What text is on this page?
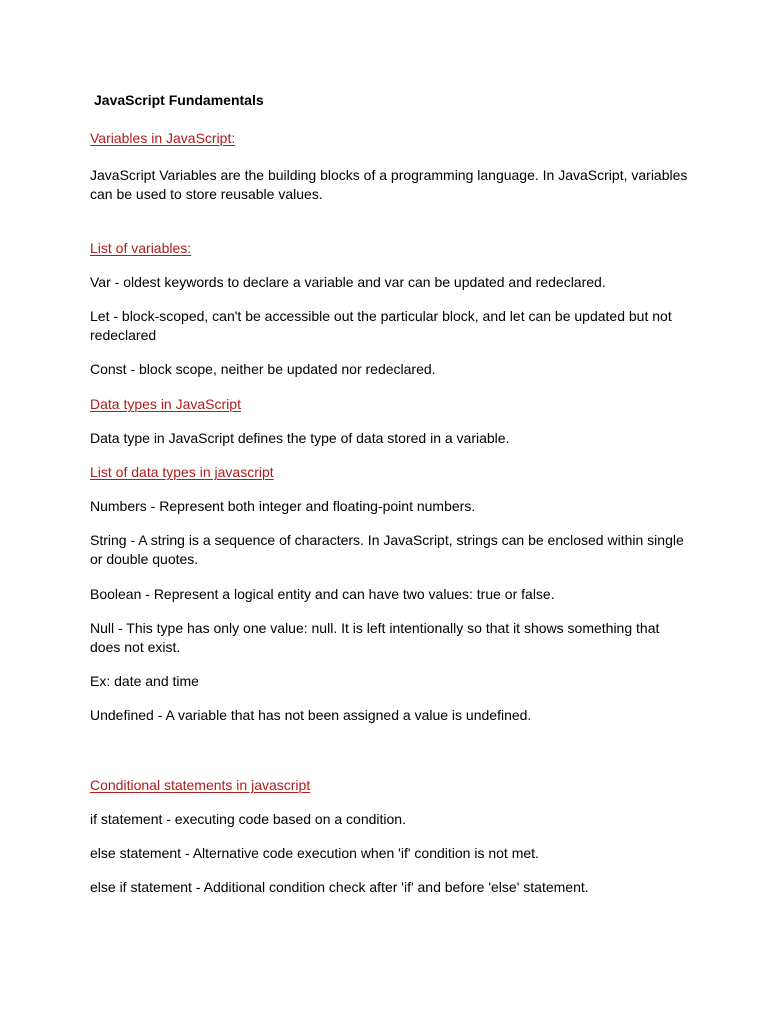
JavaScript Fundamentals

Variables in JavaScript:

JavaScript Variables are the building blocks of a programming language. In JavaScript, variables can be used to store reusable values.

List of variables:

Var - oldest keywords to declare a variable and var can be updated and redeclared.

Let - block-scoped, can't be accessible out the particular block, and let can be updated but not redeclared

Const - block scope, neither be updated nor redeclared.

Data types in JavaScript

Data type in JavaScript defines the type of data stored in a variable.

List of data types in javascript

Numbers - Represent both integer and floating-point numbers.

String - A string is a sequence of characters. In JavaScript, strings can be enclosed within single or double quotes.

Boolean - Represent a logical entity and can have two values: true or false.

Null - This type has only one value: null. It is left intentionally so that it shows something that does not exist.

Ex: date and time

Undefined - A variable that has not been assigned a value is undefined.

Conditional statements in javascript

if statement - executing code based on a condition.

else statement - Alternative code execution when 'if' condition is not met.

else if statement - Additional condition check after 'if' and before 'else' statement.
